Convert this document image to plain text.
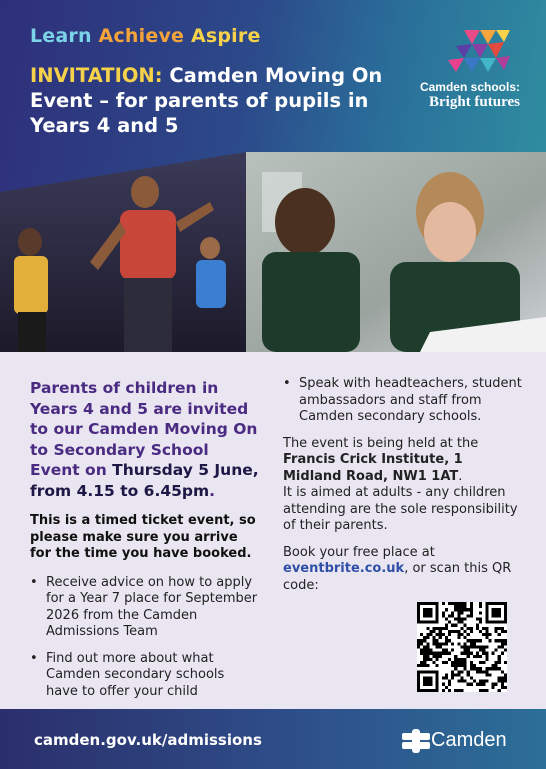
Learn Achieve Aspire
INVITATION: Camden Moving On Event – for parents of pupils in Years 4 and 5
Camden schools:
Bright futures
Parents of children in Years 4 and 5 are invited to our Camden Moving On to Secondary School Event on Thursday 5 June, from 4.15 to 6.45pm.
This is a timed ticket event, so please make sure you arrive for the time you have booked.
• Receive advice on how to apply for a Year 7 place for September 2026 from the Camden Admissions Team
• Find out more about what Camden secondary schools have to offer your child
• Speak with headteachers, student ambassadors and staff from Camden secondary schools.

The event is being held at the
Francis Crick Institute, 1 Midland Road, NW1 1AT.
It is aimed at adults - any children attending are the sole responsibility of their parents.

Book your free place at
eventbrite.co.uk, or scan this QR code:

camden.gov.uk/admissions	Camden
